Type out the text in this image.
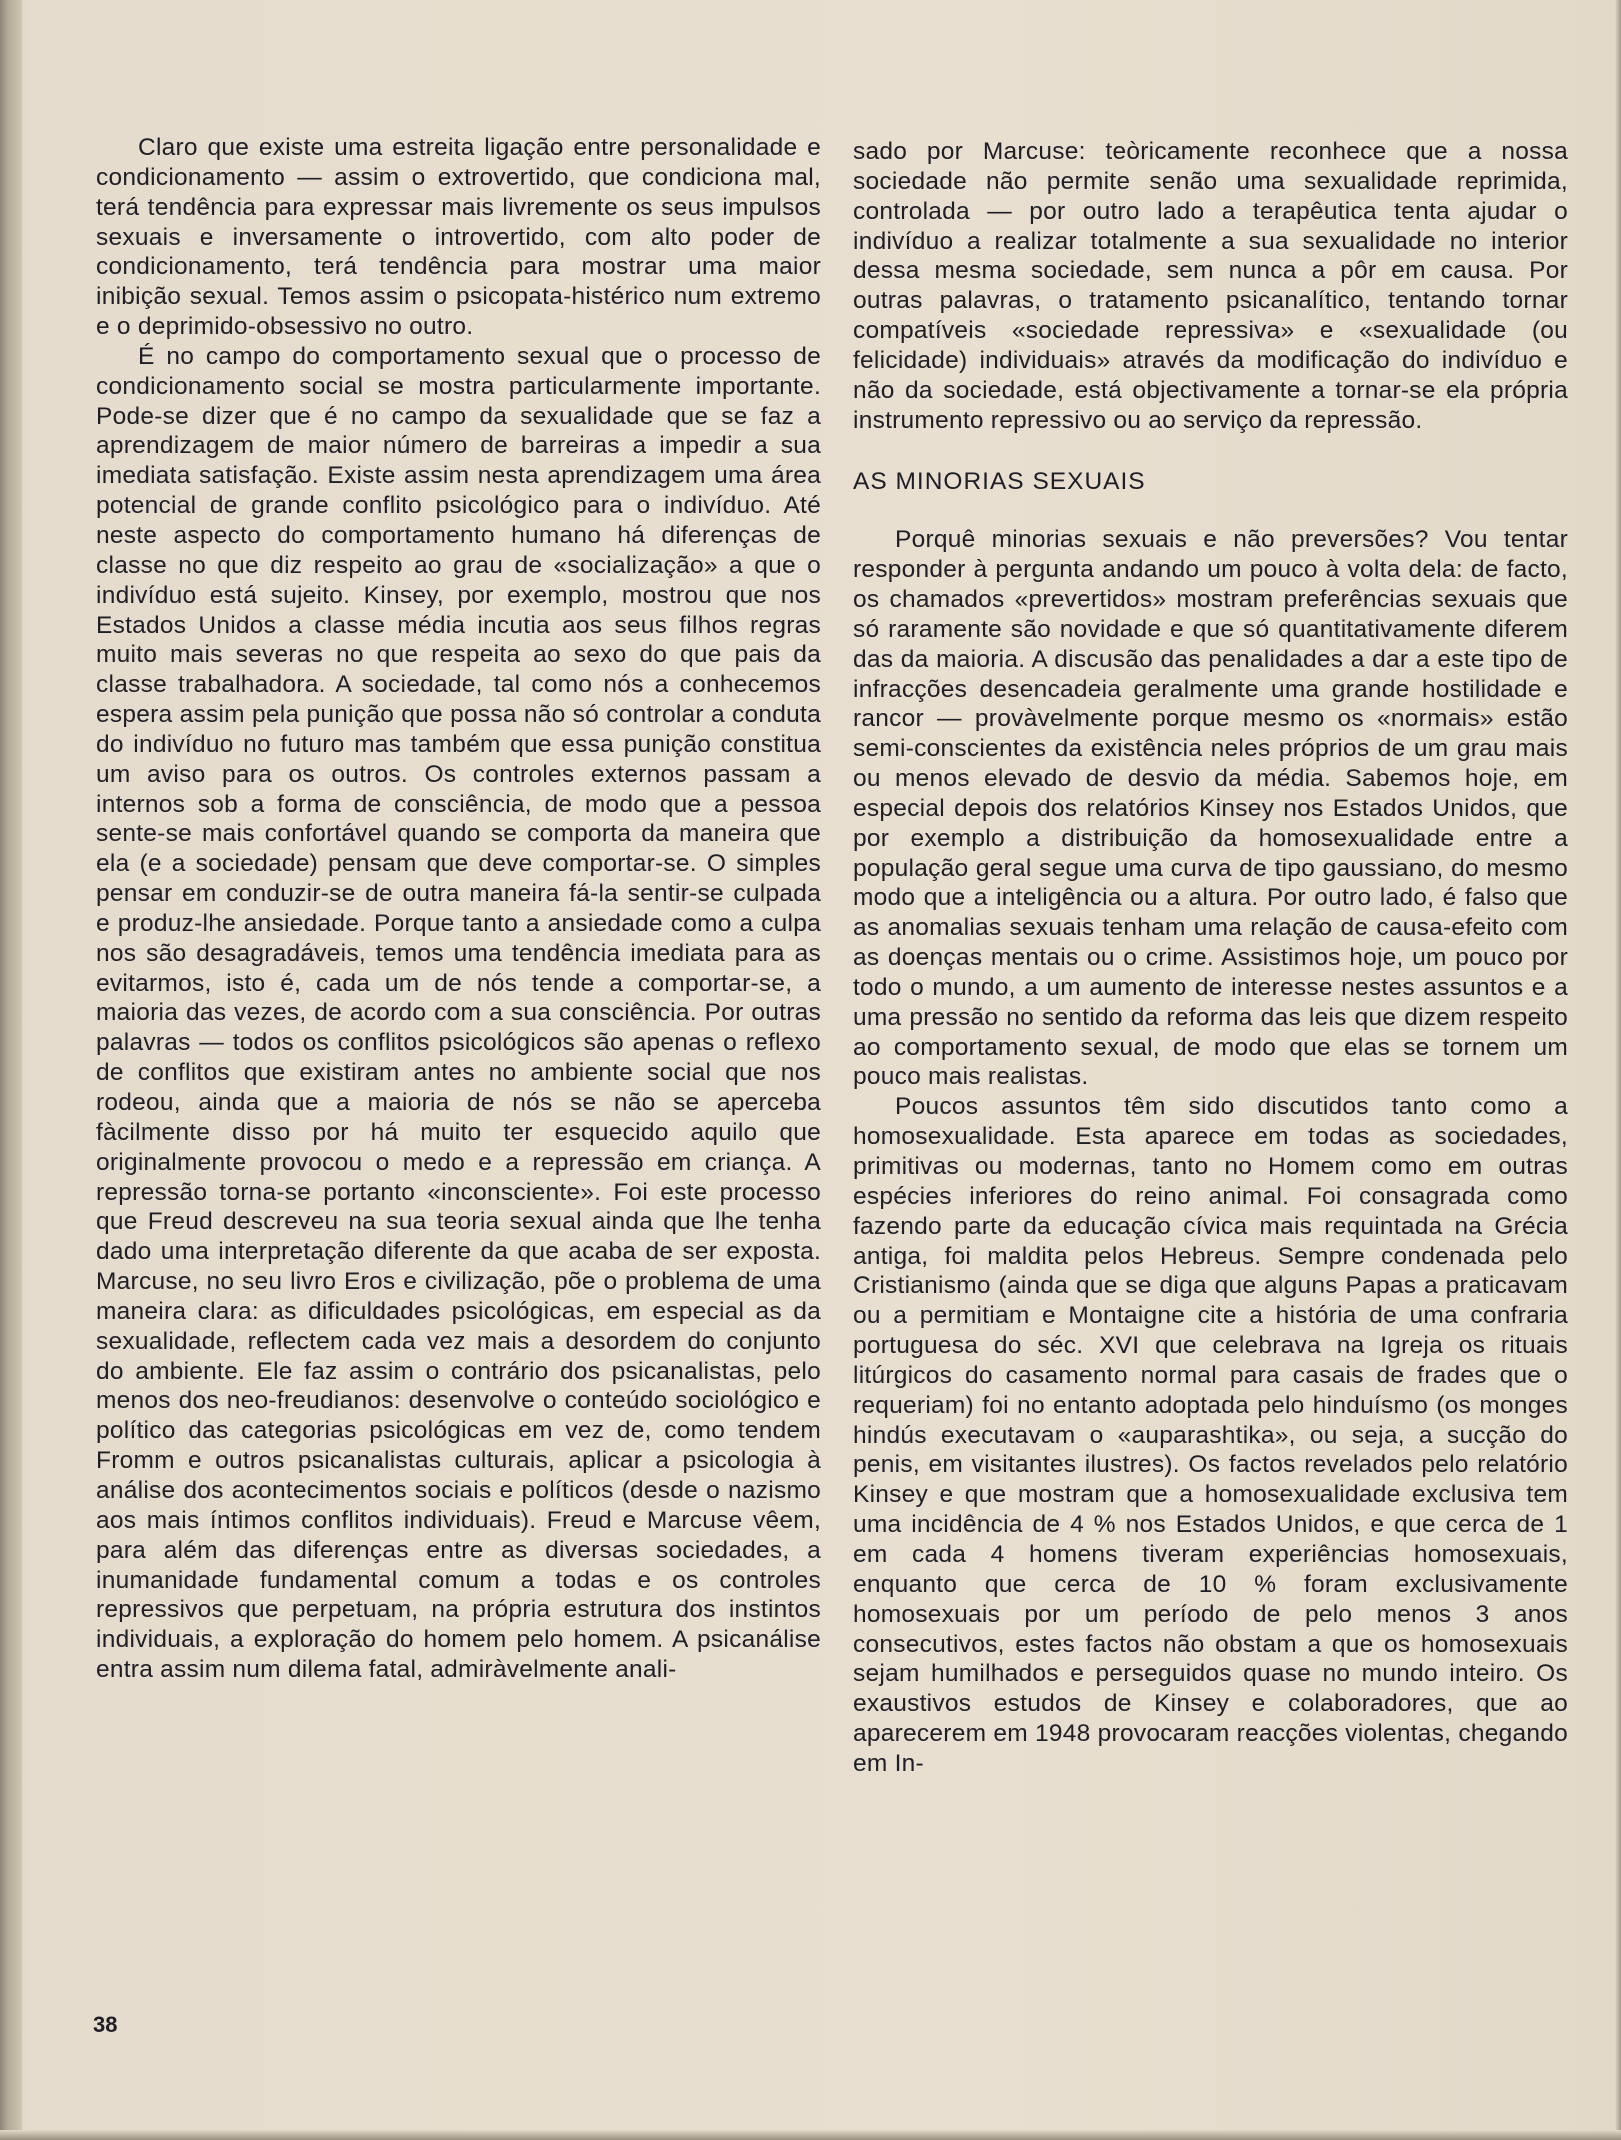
Claro que existe uma estreita ligação entre personalidade e condicionamento — assim o extrovertido, que condiciona mal, terá tendência para expressar mais livremente os seus impulsos sexuais e inversamente o introvertido, com alto poder de condicionamento, terá tendência para mostrar uma maior inibição sexual. Temos assim o psicopata-histérico num extremo e o deprimido-obsessivo no outro.

É no campo do comportamento sexual que o processo de condicionamento social se mostra particularmente importante. Pode-se dizer que é no campo da sexualidade que se faz a aprendizagem de maior número de barreiras a impedir a sua imediata satisfação. Existe assim nesta aprendizagem uma área potencial de grande conflito psicológico para o indivíduo. Até neste aspecto do comportamento humano há diferenças de classe no que diz respeito ao grau de «socialização» a que o indivíduo está sujeito. Kinsey, por exemplo, mostrou que nos Estados Unidos a classe média incutia aos seus filhos regras muito mais severas no que respeita ao sexo do que pais da classe trabalhadora. A sociedade, tal como nós a conhecemos espera assim pela punição que possa não só controlar a conduta do indivíduo no futuro mas também que essa punição constitua um aviso para os outros. Os controles externos passam a internos sob a forma de consciência, de modo que a pessoa sente-se mais confortável quando se comporta da maneira que ela (e a sociedade) pensam que deve comportar-se. O simples pensar em conduzir-se de outra maneira fá-la sentir-se culpada e produz-lhe ansiedade. Porque tanto a ansiedade como a culpa nos são desagradáveis, temos uma tendência imediata para as evitarmos, isto é, cada um de nós tende a comportar-se, a maioria das vezes, de acordo com a sua consciência. Por outras palavras — todos os conflitos psicológicos são apenas o reflexo de conflitos que existiram antes no ambiente social que nos rodeou, ainda que a maioria de nós se não se aperceba fàcilmente disso por há muito ter esquecido aquilo que originalmente provocou o medo e a repressão em criança. A repressão torna-se portanto «inconsciente». Foi este processo que Freud descreveu na sua teoria sexual ainda que lhe tenha dado uma interpretação diferente da que acaba de ser exposta. Marcuse, no seu livro Eros e civilização, põe o problema de uma maneira clara: as dificuldades psicológicas, em especial as da sexualidade, reflectem cada vez mais a desordem do conjunto do ambiente. Ele faz assim o contrário dos psicanalistas, pelo menos dos neo-freudianos: desenvolve o conteúdo sociológico e político das categorias psicológicas em vez de, como tendem Fromm e outros psicanalistas culturais, aplicar a psicologia à análise dos acontecimentos sociais e políticos (desde o nazismo aos mais íntimos conflitos individuais). Freud e Marcuse vêem, para além das diferenças entre as diversas sociedades, a inumanidade fundamental comum a todas e os controles repressivos que perpetuam, na própria estrutura dos instintos individuais, a exploração do homem pelo homem. A psicanálise entra assim num dilema fatal, admiràvelmente anali-

sado por Marcuse: teòricamente reconhece que a nossa sociedade não permite senão uma sexualidade reprimida, controlada — por outro lado a terapêutica tenta ajudar o indivíduo a realizar totalmente a sua sexualidade no interior dessa mesma sociedade, sem nunca a pôr em causa. Por outras palavras, o tratamento psicanalítico, tentando tornar compatíveis «sociedade repressiva» e «sexualidade (ou felicidade) individuais» através da modificação do indivíduo e não da sociedade, está objectivamente a tornar-se ela própria instrumento repressivo ou ao serviço da repressão.

AS MINORIAS SEXUAIS

Porquê minorias sexuais e não preversões? Vou tentar responder à pergunta andando um pouco à volta dela: de facto, os chamados «prevertidos» mostram preferências sexuais que só raramente são novidade e que só quantitativamente diferem das da maioria. A discusão das penalidades a dar a este tipo de infracções desencadeia geralmente uma grande hostilidade e rancor — provàvelmente porque mesmo os «normais» estão semi-conscientes da existência neles próprios de um grau mais ou menos elevado de desvio da média. Sabemos hoje, em especial depois dos relatórios Kinsey nos Estados Unidos, que por exemplo a distribuição da homosexualidade entre a população geral segue uma curva de tipo gaussiano, do mesmo modo que a inteligência ou a altura. Por outro lado, é falso que as anomalias sexuais tenham uma relação de causa-efeito com as doenças mentais ou o crime. Assistimos hoje, um pouco por todo o mundo, a um aumento de interesse nestes assuntos e a uma pressão no sentido da reforma das leis que dizem respeito ao comportamento sexual, de modo que elas se tornem um pouco mais realistas.

Poucos assuntos têm sido discutidos tanto como a homosexualidade. Esta aparece em todas as sociedades, primitivas ou modernas, tanto no Homem como em outras espécies inferiores do reino animal. Foi consagrada como fazendo parte da educação cívica mais requintada na Grécia antiga, foi maldita pelos Hebreus. Sempre condenada pelo Cristianismo (ainda que se diga que alguns Papas a praticavam ou a permitiam e Montaigne cite a história de uma confraria portuguesa do séc. XVI que celebrava na Igreja os rituais litúrgicos do casamento normal para casais de frades que o requeriam) foi no entanto adoptada pelo hinduísmo (os monges hindús executavam o «auparashtika», ou seja, a sucção do penis, em visitantes ilustres). Os factos revelados pelo relatório Kinsey e que mostram que a homosexualidade exclusiva tem uma incidência de 4 % nos Estados Unidos, e que cerca de 1 em cada 4 homens tiveram experiências homosexuais, enquanto que cerca de 10 % foram exclusivamente homosexuais por um período de pelo menos 3 anos consecutivos, estes factos não obstam a que os homosexuais sejam humilhados e perseguidos quase no mundo inteiro. Os exaustivos estudos de Kinsey e colaboradores, que ao aparecerem em 1948 provocaram reacções violentas, chegando em In-

38
